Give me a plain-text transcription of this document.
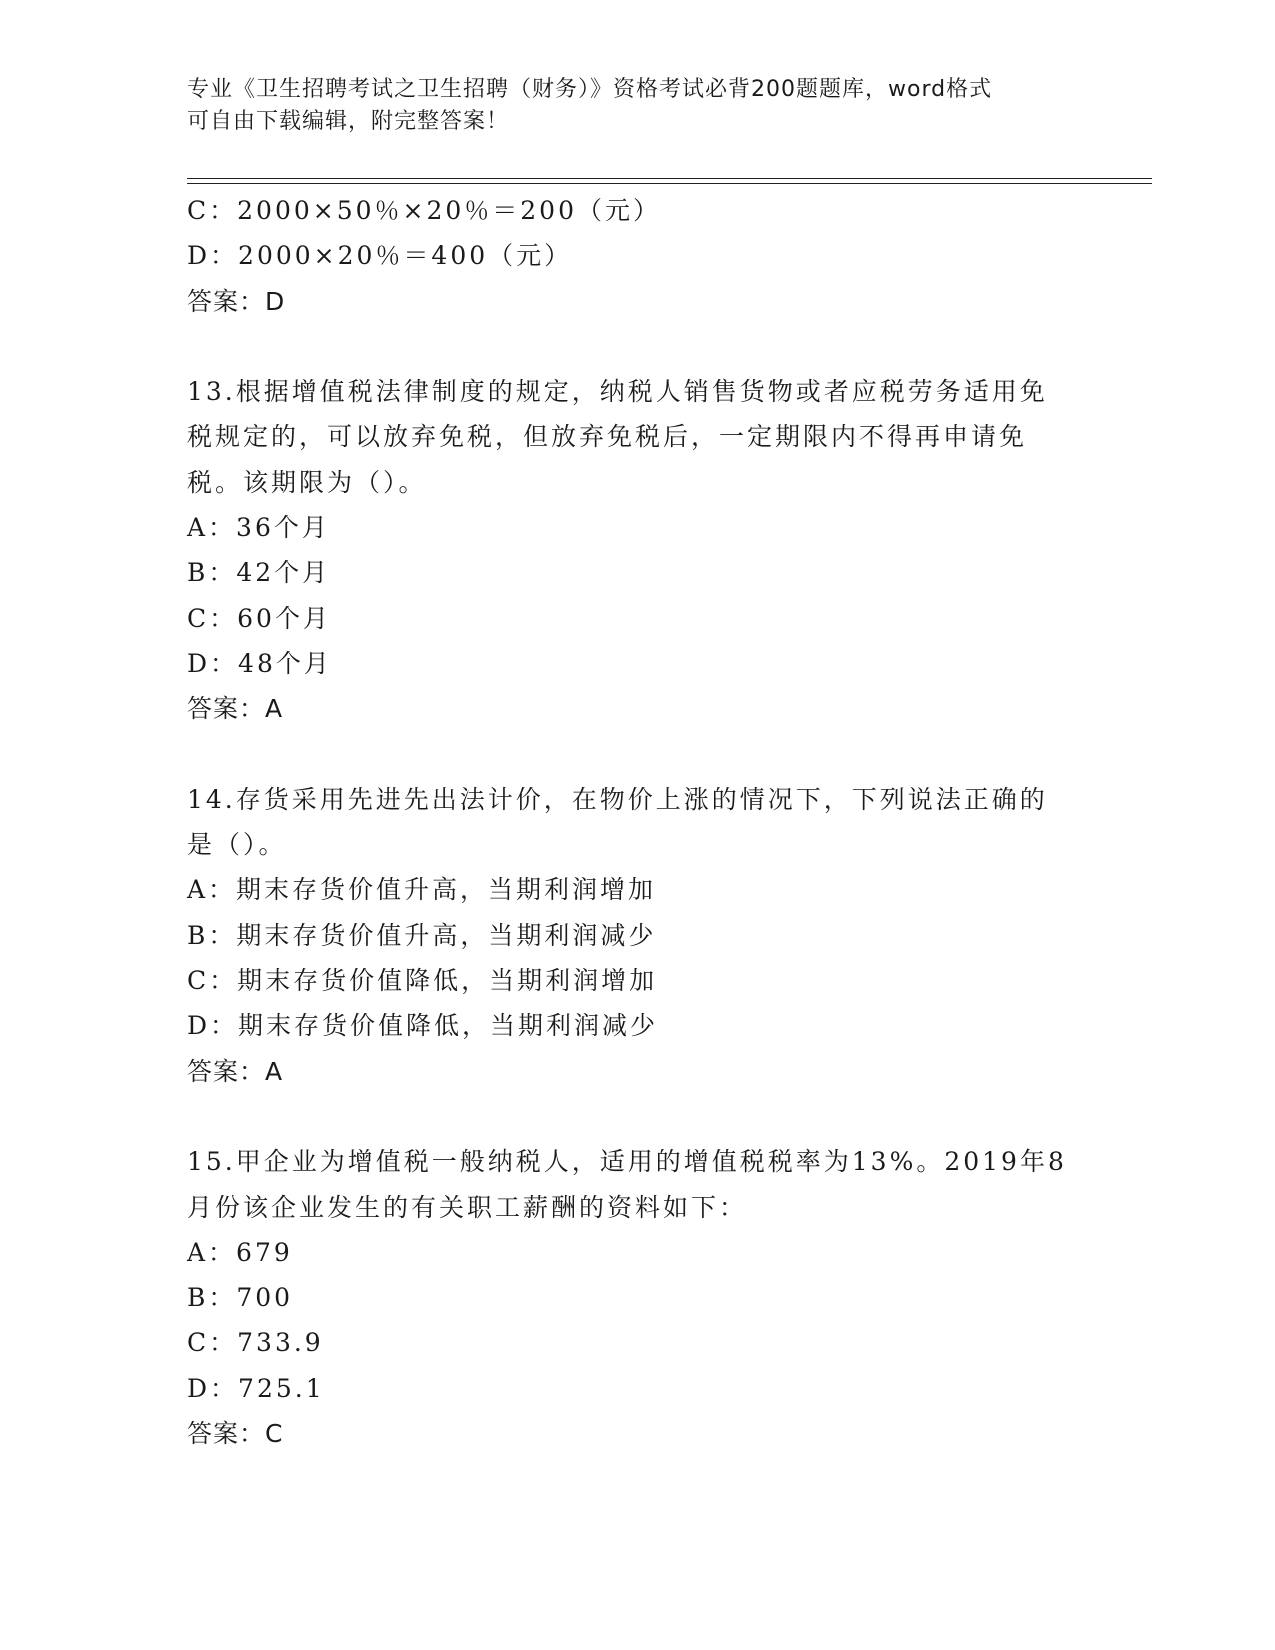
专业《卫生招聘考试之卫生招聘（财务）》资格考试必背200题题库，word格式
可自由下载编辑，附完整答案！
C：2000×50％×20％＝200（元）
D：2000×20％＝400（元）
答案：D
13.根据增值税法律制度的规定，纳税人销售货物或者应税劳务适用免
税规定的，可以放弃免税，但放弃免税后，一定期限内不得再申请免
税。该期限为（）。
A：36个月
B：42个月
C：60个月
D：48个月
答案：A
14.存货采用先进先出法计价，在物价上涨的情况下，下列说法正确的
是（）。
A：期末存货价值升高，当期利润增加
B：期末存货价值升高，当期利润减少
C：期末存货价值降低，当期利润增加
D：期末存货价值降低，当期利润减少
答案：A
15.甲企业为增值税一般纳税人，适用的增值税税率为13%。2019年8
月份该企业发生的有关职工薪酬的资料如下：
A：679
B：700
C：733.9
D：725.1
答案：C
